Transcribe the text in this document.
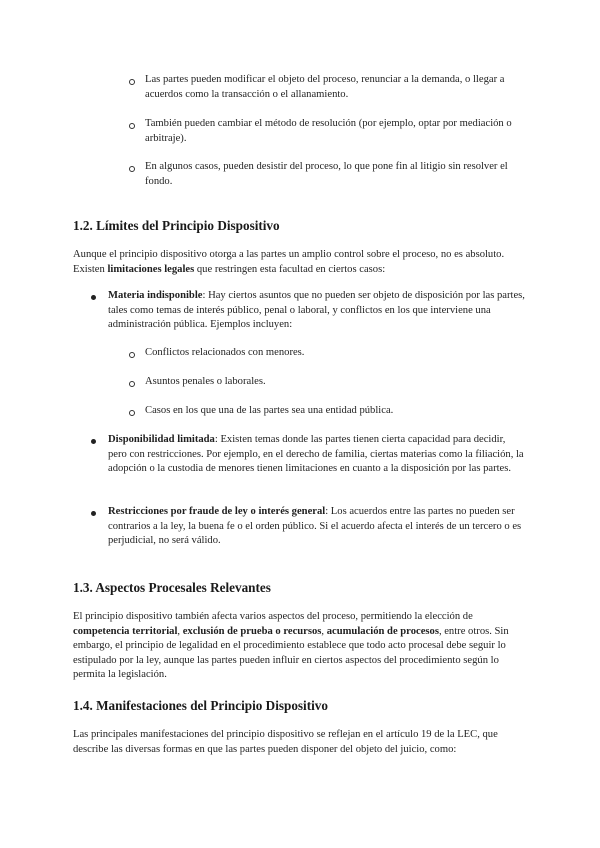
Las partes pueden modificar el objeto del proceso, renunciar a la demanda, o llegar a acuerdos como la transacción o el allanamiento.

También pueden cambiar el método de resolución (por ejemplo, optar por mediación o arbitraje).

En algunos casos, pueden desistir del proceso, lo que pone fin al litigio sin resolver el fondo.

1.2. Límites del Principio Dispositivo

Aunque el principio dispositivo otorga a las partes un amplio control sobre el proceso, no es absoluto. Existen limitaciones legales que restringen esta facultad en ciertos casos:

Materia indisponible: Hay ciertos asuntos que no pueden ser objeto de disposición por las partes, tales como temas de interés público, penal o laboral, y conflictos en los que interviene una administración pública. Ejemplos incluyen:

Conflictos relacionados con menores.

Asuntos penales o laborales.

Casos en los que una de las partes sea una entidad pública.

Disponibilidad limitada: Existen temas donde las partes tienen cierta capacidad para decidir, pero con restricciones. Por ejemplo, en el derecho de familia, ciertas materias como la filiación, la adopción o la custodia de menores tienen limitaciones en cuanto a la disposición por las partes.

Restricciones por fraude de ley o interés general: Los acuerdos entre las partes no pueden ser contrarios a la ley, la buena fe o el orden público. Si el acuerdo afecta el interés de un tercero o es perjudicial, no será válido.

1.3. Aspectos Procesales Relevantes

El principio dispositivo también afecta varios aspectos del proceso, permitiendo la elección de competencia territorial, exclusión de prueba o recursos, acumulación de procesos, entre otros. Sin embargo, el principio de legalidad en el procedimiento establece que todo acto procesal debe seguir lo estipulado por la ley, aunque las partes pueden influir en ciertos aspectos del procedimiento según lo permita la legislación.

1.4. Manifestaciones del Principio Dispositivo

Las principales manifestaciones del principio dispositivo se reflejan en el artículo 19 de la LEC, que describe las diversas formas en que las partes pueden disponer del objeto del juicio, como:
